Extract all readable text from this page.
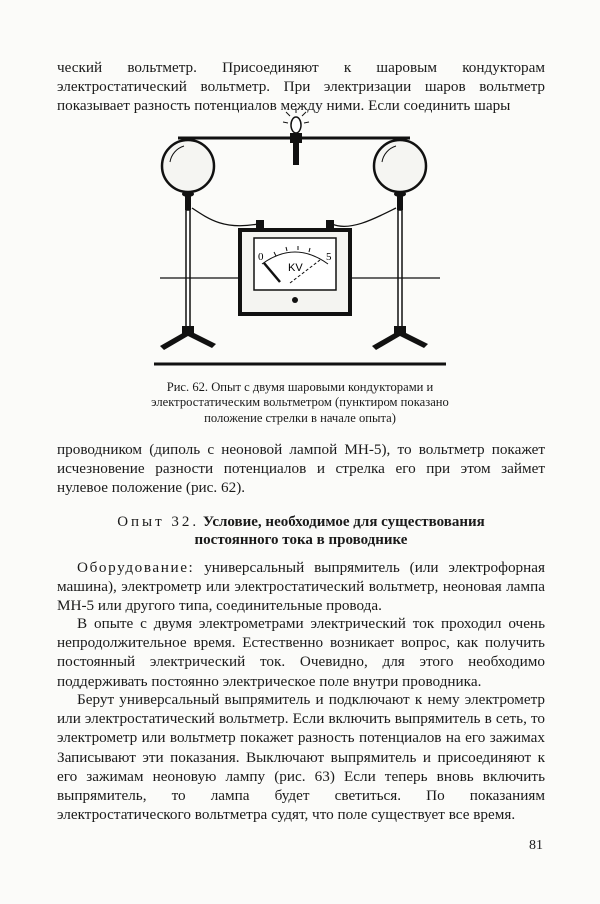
ческий вольтметр. Присоединяют к шаровым кондукторам электростатический вольтметр. При электризации шаров вольтметр показывает разность потенциалов между ними. Если соединить шары

0	5
KV

Рис. 62. Опыт с двумя шаровыми кондукторами и электростатическим вольтметром (пунктиром показано положение стрелки в начале опыта)

проводником (диполь с неоновой лампой МН-5), то вольтметр покажет исчезновение разности потенциалов и стрелка его при этом займет нулевое положение (рис. 62).

Опыт 32. Условие, необходимое для существования постоянного тока в проводнике

Оборудование: универсальный выпрямитель (или электрофорная машина), электрометр или электростатический вольтметр, неоновая лампа МН-5 или другого типа, соединительные провода.

В опыте с двумя электрометрами электрический ток проходил очень непродолжительное время. Естественно возникает вопрос, как получить постоянный электрический ток. Очевидно, для этого необходимо поддерживать постоянно электрическое поле внутри проводника.

Берут универсальный выпрямитель и подключают к нему электрометр или электростатический вольтметр. Если включить выпрямитель в сеть, то электрометр или вольтметр покажет разность потенциалов на его зажимах Записывают эти показания. Выключают выпрямитель и присоединяют к его зажимам неоновую лампу (рис. 63) Если теперь вновь включить выпрямитель, то лампа будет светиться. По показаниям электростатического вольтметра судят, что поле существует все время.

81
